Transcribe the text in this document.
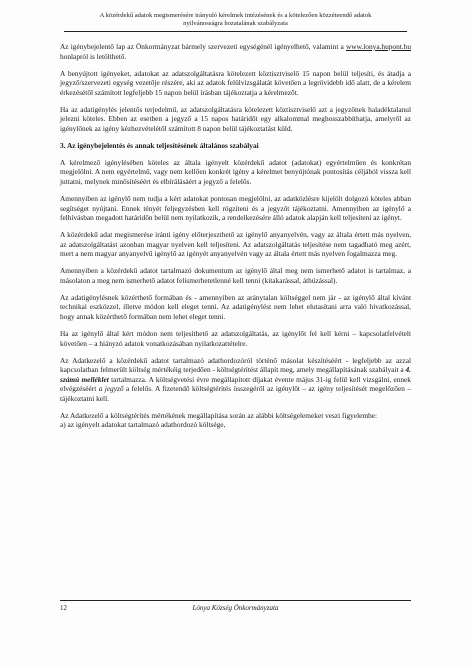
A közérdekű adatok megismerésére irányuló kérelmek intézésének és a kötelezően közzéteendő adatok
nyilvánosságra hozatalának szabályzata

Az igénybejelentő lap az Önkormányzat bármely szervezeti egységénél igényelhető, valamint a www.lonya.hupont.hu honlapról is letölthető.

A benyújtott igényeket, adatokat az adatszolgáltatásra kötelezett köztisztviselő 15 napon belül teljesíti, és átadja a jegyző/szervezeti egység vezetője részére, aki az adatok felülvizsgálatát követően a legrövidebb idő alatt, de a kérelem érkezésétől számított legfeljebb 15 napon belül írásban tájékoztatja a kérelmezőt.

Ha az adatigénylés jelentős terjedelmű, az adatszolgáltatásra kötelezett köztisztviselő azt a jegyzőnek haladéktalanul jelezni köteles. Ebben az esetben a jegyző a 15 napos határidőt egy alkalommal meghosszabbíthatja, amelyről az igénylőnek az igény kézhezvételétől számított 8 napon belül tájékoztatást küld.

3. Az igénybejelentés és annak teljesítésének általános szabályai

A kérelmező igénylésében köteles az általa igényelt közérdekű adatot (adatokat) egyértelműen és konkrétan megjelölni. A nem egyértelmű, vagy nem kellően konkrét igény a kérelmet benyújtónak pontosítás céljából vissza kell juttatni, melynek minősítéséért és elbírálásáért a jegyző a felelős.

Amennyiben az igénylő nem tudja a kért adatokat pontosan megjelölni, az adatközlésre kijelölt dolgozó köteles abban segítséget nyújtani. Ennek tényét feljegyzésben kell rögzíteni és a jegyzőt tájékoztatni. Amennyiben az igénylő a felhívásban megadott határidőn belül nem nyilatkozik, a rendelkezésére álló adatok alapján kell teljesíteni az igényt.

A közérdekű adat megismerése iránti igény előterjeszthető az igénylő anyanyelvén, vagy az általa értett más nyelven, az adatszolgáltatást azonban magyar nyelven kell teljesíteni. Az adatszolgáltatás teljesítése nem tagadható meg azért, mert a nem magyar anyanyelvű igénylő az igényét anyanyelvén vagy az általa értett más nyelven fogalmazza meg.

Amennyiben a közérdekű adatot tartalmazó dokumentum az igénylő által meg nem ismerhető adatot is tartalmaz, a másolaton a meg nem ismerhető adatot felismerhetetlenné kell tenni (kitakarással, áthúzással).

Az adatigénylésnek közérthető formában és - amennyiben az aránytalan költséggel nem jár - az igénylő által kívánt technikai eszközzel, illetve módon kell eleget tenni. Az adatigénylést nem lehet elutasítani arra való hivatkozással, hogy annak közérthető formában nem lehet eleget tenni.

Ha az igénylő által kért módon nem teljesíthető az adatszolgáltatás, az igénylőt fel kell kérni – kapcsolatfelvételt követően – a hiányzó adatok vonatkozásában nyilatkozattételre.

Az Adatkezelő a közérdekű adatot tartalmazó adathordozóról történő másolat készítéséért - legfeljebb az azzal kapcsolatban felmerült költség mértékéig terjedően - költségtérítést állapít meg, amely megállapításának szabályait a 4. számú melléklet tartalmazza. A költségvetési évre megállapított díjakat évente május 31-ig felül kell vizsgálni, ennek elvégzéséért a jegyző a felelős. A fizetendő költségtérítés összegéről az igénylőt – az igény teljesítését megelőzően – tájékoztatni kell.

Az Adatkezelő a költségtérítés mértékének megállapítása során az alábbi költségelemeket veszi figyelembe:

a) az igényelt adatokat tartalmazó adathordozó költsége,

12	Lónya Község Önkormányzata
